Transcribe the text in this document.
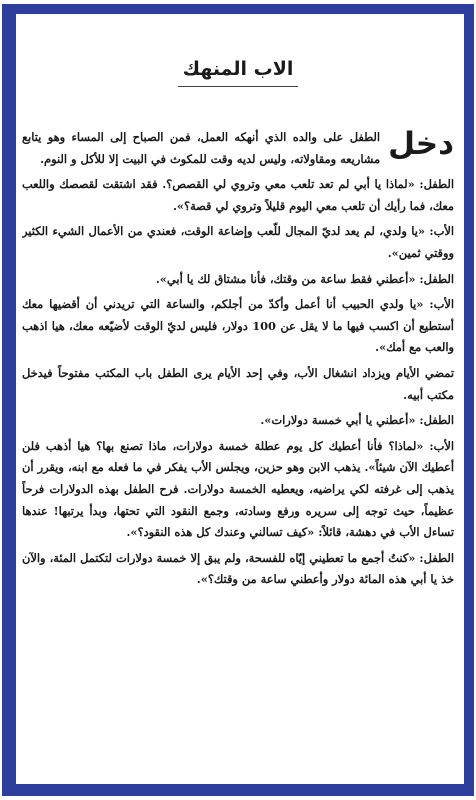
الاب المنهك
دخل

الطفل على والده الذي أنهكه العمل، فمن الصباح إلى المساء وهو يتابع مشاريعه ومقاولاته، وليس لديه وقت للمكوث في البيت إلا للأكل و النوم.

الطفل: «لماذا يا أبي لم تعد تلعب معي وتروي لي القصص؟. فقد اشتقت لقصصك واللعب معك، فما رأيك أن تلعب معي اليوم قليلاً وتروي لي قصة؟».

الأب: «يا ولدي، لم يعد لديّ المجال للّعب وإضاعة الوقت، فعندي من الأعمال الشيء الكثير ووقتي ثمين».

الطفل: «أعطني فقط ساعة من وقتك، فأنا مشتاق لك يا أبي».

الأب: «يا ولدي الحبيب أنا أعمل وأكدّ من أجلكم، والساعة التي تريدني أن أقضيها معك أستطيع أن اكسب فيها ما لا يقل عن 100 دولار، فليس لديّ الوقت لأضيّعه معك، هيا اذهب والعب مع أمك».

تمضي الأيام ويزداد انشغال الأب، وفي إحد الأيام يرى الطفل باب المكتب مفتوحاً فيدخل مكتب أبيه.

الطفل: «أعطني يا أبي خمسة دولارات».

الأب: «لماذا؟ فأنا أعطيك كل يوم عطلة خمسة دولارات، ماذا تصنع بها؟ هيا أذهب فلن أعطيك الآن شيئاً». يذهب الابن وهو حزين، ويجلس الأب يفكر في ما فعله مع ابنه، ويقرر أن يذهب إلى غرفته لكي يراضيه، ويعطيه الخمسة دولارات. فرح الطفل بهذه الدولارات فرحاً عظيماً، حيث توجه إلى سريره ورفع وسادته، وجمع النقود التي تحتها، وبدأ يرتبها! عندها تساءل الأب في دهشة، قائلاً: «كيف تسالني وعندك كل هذه النقود؟».

الطفل: «كنتُ أجمع ما تعطيني إيّاه للفسحة، ولم يبق إلا خمسة دولارات لتكتمل المئة، والآن خذ يا أبي هذه المائة دولار وأعطني ساعة من وقتك؟».
